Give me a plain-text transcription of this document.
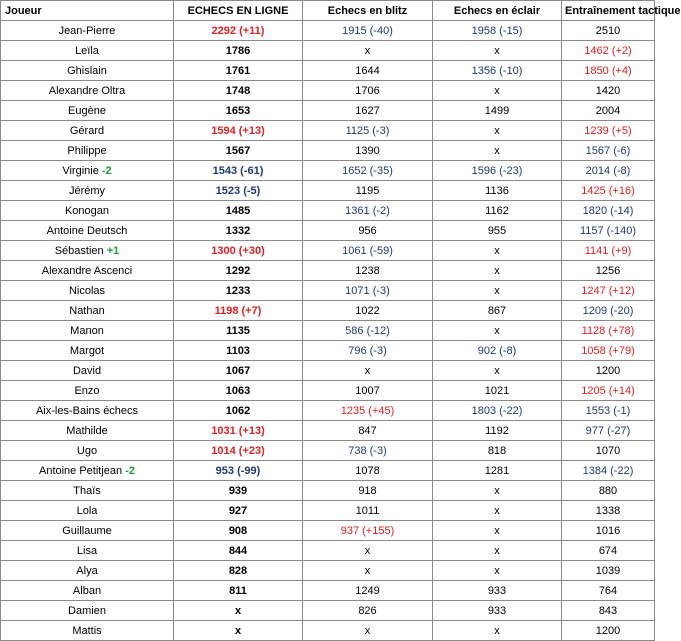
Joueur	ECHECS EN LIGNE	Echecs en blitz	Echecs en éclair	Entraînement tactique
Jean-Pierre	2292 (+11)	1915 (-40)	1958 (-15)	2510
Leïla	1786	x	x	1462 (+2)
Ghislain	1761	1644	1356 (-10)	1850 (+4)
Alexandre Oltra	1748	1706	x	1420
Eugène	1653	1627	1499	2004
Gérard	1594 (+13)	1125 (-3)	x	1239 (+5)
Philippe	1567	1390	x	1567 (-6)
Virginie -2	1543 (-61)	1652 (-35)	1596 (-23)	2014 (-8)
Jérémy	1523 (-5)	1195	1136	1425 (+16)
Konogan	1485	1361 (-2)	1162	1820 (-14)
Antoine Deutsch	1332	956	955	1157 (-140)
Sébastien +1	1300 (+30)	1061 (-59)	x	1141 (+9)
Alexandre Ascenci	1292	1238	x	1256
Nicolas	1233	1071 (-3)	x	1247 (+12)
Nathan	1198 (+7)	1022	867	1209 (-20)
Manon	1135	586 (-12)	x	1128 (+78)
Margot	1103	796 (-3)	902 (-8)	1058 (+79)
David	1067	x	x	1200
Enzo	1063	1007	1021	1205 (+14)
Aix-les-Bains échecs	1062	1235 (+45)	1803 (-22)	1553 (-1)
Mathilde	1031 (+13)	847	1192	977 (-27)
Ugo	1014 (+23)	738 (-3)	818	1070
Antoine Petitjean -2	953 (-99)	1078	1281	1384 (-22)
Thaïs	939	918	x	880
Lola	927	1011	x	1338
Guillaume	908	937 (+155)	x	1016
Lisa	844	x	x	674
Alya	828	x	x	1039
Alban	811	1249	933	764
Damien	x	826	933	843
Mattis	x	x	x	1200
